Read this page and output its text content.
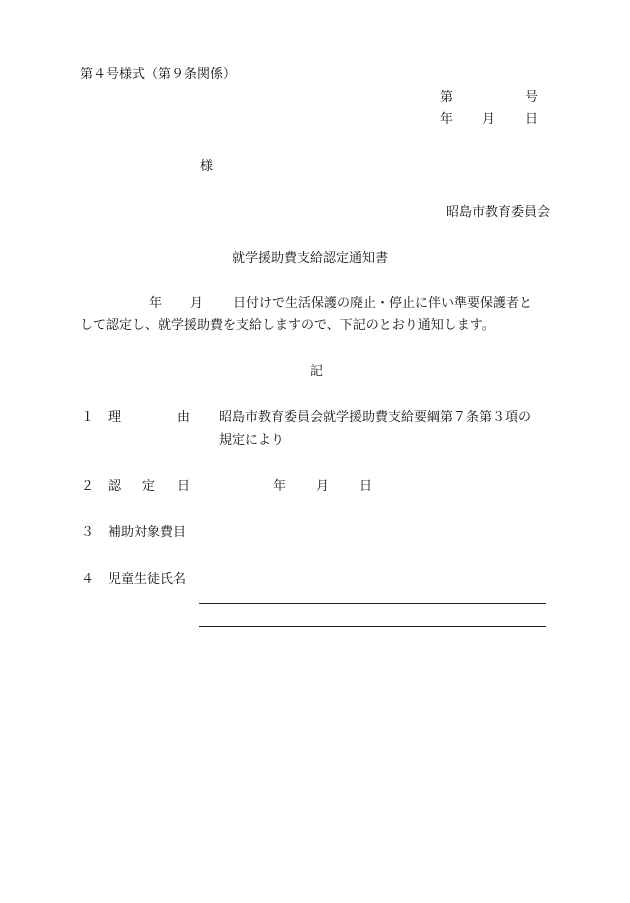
第４号様式（第９条関係）
第	号
年 月 日
様
昭島市教育委員会
就学援助費支給認定通知書
年 月 日付けで生活保護の廃止・停止に伴い準要保護者と
して認定し、就学援助費を支給しますので、下記のとおり通知します。
記
１ 理	由 昭島市教育委員会就学援助費支給要綱第７条第３項の
規定により
２ 認 定 日	年 月 日
３ 補助対象費目
４ 児童生徒氏名
